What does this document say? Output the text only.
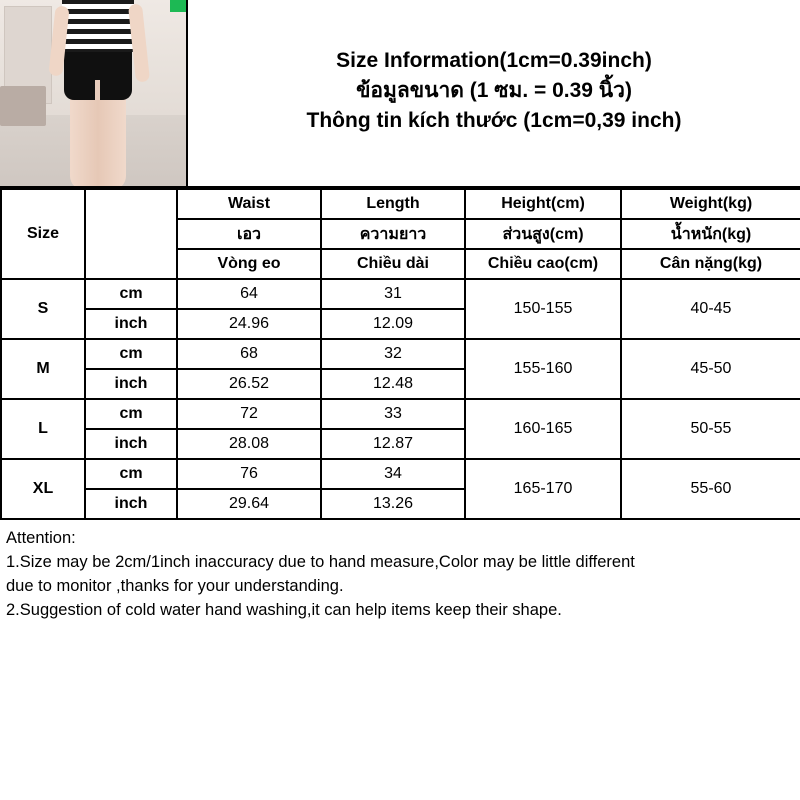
Size Information(1cm=0.39inch)
ข้อมูลขนาด (1 ซม. = 0.39 นิ้ว)
Thông tin kích thước (1cm=0,39 inch)
Size		Waist	Length	Height(cm)	Weight(kg)
		เอว	ความยาว	ส่วนสูง(cm)	น้ำหนัก(kg)
		Vòng eo	Chiều dài	Chiều cao(cm)	Cân nặng(kg)
S	cm	64	31	150-155	40-45
	inch	24.96	12.09		
M	cm	68	32	155-160	45-50
	inch	26.52	12.48		
L	cm	72	33	160-165	50-55
	inch	28.08	12.87		
XL	cm	76	34	165-170	55-60
	inch	29.64	13.26		
Attention:
1.Size may be 2cm/1inch inaccuracy due to hand measure,Color may be little different
due to monitor ,thanks for your understanding.
2.Suggestion of cold water hand washing,it can help items keep their shape.
